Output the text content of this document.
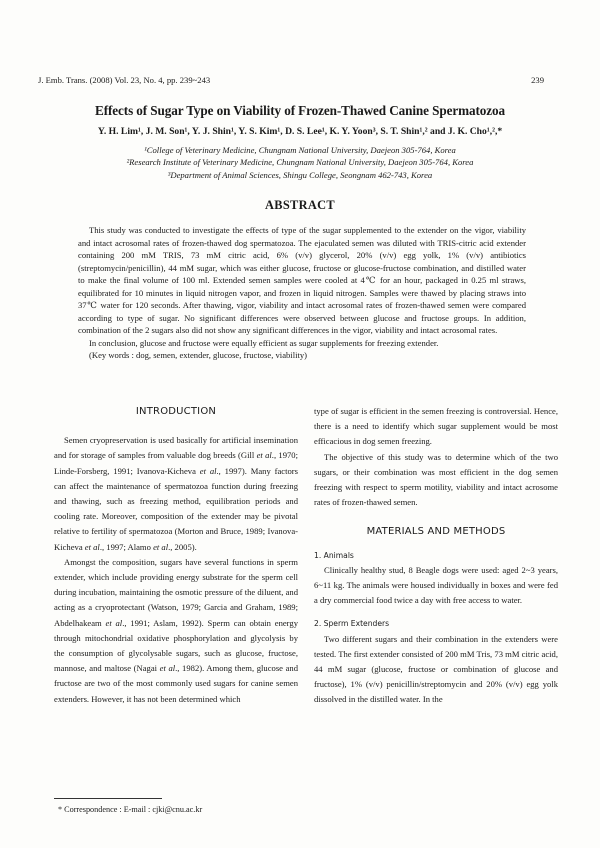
J. Emb. Trans. (2008) Vol. 23, No. 4, pp. 239~243	239
Effects of Sugar Type on Viability of Frozen-Thawed Canine Spermatozoa
Y. H. Lim¹, J. M. Son¹, Y. J. Shin¹, Y. S. Kim¹, D. S. Lee¹, K. Y. Yoon³, S. T. Shin¹,² and J. K. Cho¹,²,*
¹College of Veterinary Medicine, Chungnam National University, Daejeon 305-764, Korea
²Research Institute of Veterinary Medicine, Chungnam National University, Daejeon 305-764, Korea
³Department of Animal Sciences, Shingu College, Seongnam 462-743, Korea
ABSTRACT

This study was conducted to investigate the effects of type of the sugar supplemented to the extender on the vigor, viability and intact acrosomal rates of frozen-thawed dog spermatozoa. The ejaculated semen was diluted with TRIS-citric acid extender containing 200 mM TRIS, 73 mM citric acid, 6% (v/v) glycerol, 20% (v/v) egg yolk, 1% (v/v) antibiotics (streptomycin/penicillin), 44 mM sugar, which was either glucose, fructose or glucose-fructose combination, and distilled water to make the final volume of 100 ml. Extended semen samples were cooled at 4℃ for an hour, packaged in 0.25 ml straws, equilibrated for 10 minutes in liquid nitrogen vapor, and frozen in liquid nitrogen. Samples were thawed by placing straws into 37℃ water for 120 seconds. After thawing, vigor, viability and intact acrosomal rates of frozen-thawed semen were compared according to type of sugar. No significant differences were observed between glucose and fructose groups. In addition, combination of the 2 sugars also did not show any significant differences in the vigor, viability and intact acrosomal rates.

In conclusion, glucose and fructose were equally efficient as sugar supplements for freezing extender.

(Key words : dog, semen, extender, glucose, fructose, viability)

INTRODUCTION

Semen cryopreservation is used basically for artificial insemination and for storage of samples from valuable dog breeds (Gill et al., 1970; Linde-Forsberg, 1991; Ivanova-Kicheva et al., 1997). Many factors can affect the maintenance of spermatozoa function during freezing and thawing, such as freezing method, equilibration periods and cooling rate. Moreover, composition of the extender may be pivotal relative to fertility of spermatozoa (Morton and Bruce, 1989; Ivanova-Kicheva et al., 1997; Alamo et al., 2005).

Amongst the composition, sugars have several functions in sperm extender, which include providing energy substrate for the sperm cell during incubation, maintaining the osmotic pressure of the diluent, and acting as a cryoprotectant (Watson, 1979; Garcia and Graham, 1989; Abdelhakeam et al., 1991; Aslam, 1992). Sperm can obtain energy through mitochondrial oxidative phosphorylation and glycolysis by the consumption of glycolysable sugars, such as glucose, fructose, mannose, and maltose (Nagai et al., 1982). Among them, glucose and fructose are two of the most commonly used sugars for canine semen extenders. However, it has not been determined which

type of sugar is efficient in the semen freezing is controversial. Hence, there is a need to identify which sugar supplement would be most efficacious in dog semen freezing.

The objective of this study was to determine which of the two sugars, or their combination was most efficient in the dog semen freezing with respect to sperm motility, viability and intact acrosome rates of frozen-thawed semen.

MATERIALS AND METHODS
1. Animals

Clinically healthy stud, 8 Beagle dogs were used: aged 2~3 years, 6~11 kg. The animals were housed individually in boxes and were fed a dry commercial food twice a day with free access to water.

2. Sperm Extenders

Two different sugars and their combination in the extenders were tested. The first extender consisted of 200 mM Tris, 73 mM citric acid, 44 mM sugar (glucose, fructose or combination of glucose and fructose), 1% (v/v) penicillin/streptomycin and 20% (v/v) egg yolk dissolved in the distilled water. In the

* Correspondence : E-mail : cjki@cnu.ac.kr
